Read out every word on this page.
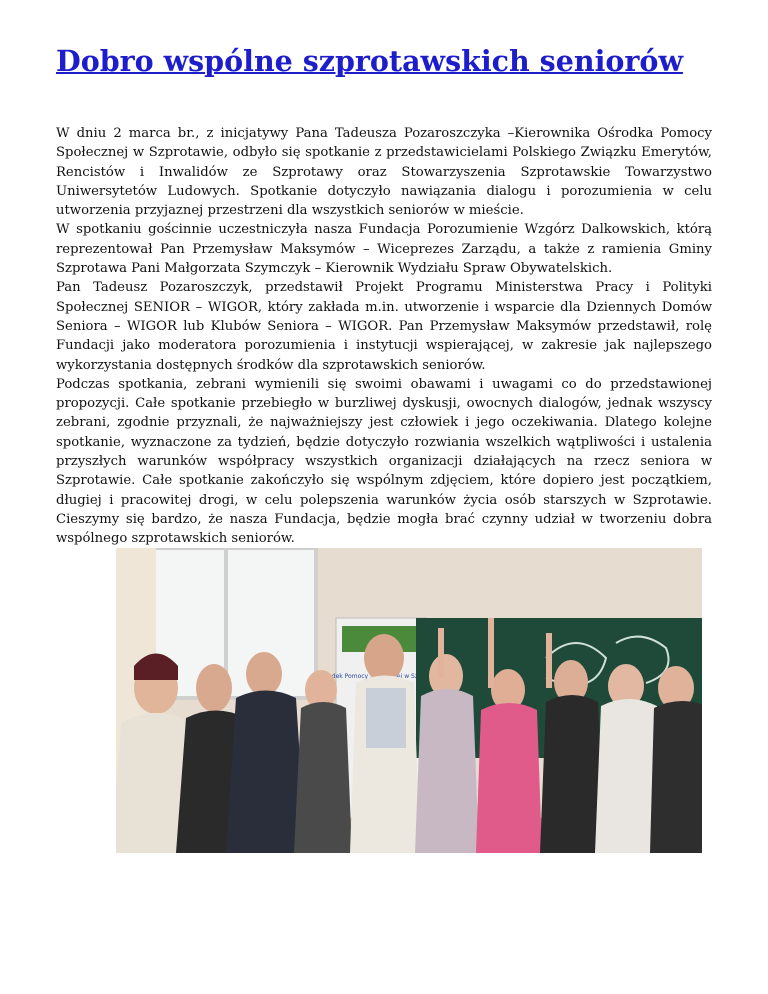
Dobro wspólne szprotawskich seniorów

W dniu 2 marca br., z inicjatywy Pana Tadeusza Pozaroszczyka –Kierownika Ośrodka Pomocy Społecznej w Szprotawie, odbyło się spotkanie z przedstawicielami Polskiego Związku Emerytów, Rencistów i Inwalidów ze Szprotawy oraz Stowarzyszenia Szprotawskie Towarzystwo Uniwersytetów Ludowych. Spotkanie dotyczyło nawiązania dialogu i porozumienia w celu utworzenia przyjaznej przestrzeni dla wszystkich seniorów w mieście.

W spotkaniu gościnnie uczestniczyła nasza Fundacja Porozumienie Wzgórz Dalkowskich, którą reprezentował Pan Przemysław Maksymów – Wiceprezes Zarządu, a także z ramienia Gminy Szprotawa Pani Małgorzata Szymczyk – Kierownik Wydziału Spraw Obywatelskich.

Pan Tadeusz Pozaroszczyk, przedstawił Projekt Programu Ministerstwa Pracy i Polityki Społecznej SENIOR – WIGOR, który zakłada m.in. utworzenie i wsparcie dla Dziennych Domów Seniora – WIGOR lub Klubów Seniora – WIGOR. Pan Przemysław Maksymów przedstawił, rolę Fundacji jako moderatora porozumienia i instytucji wspierającej, w zakresie jak najlepszego wykorzystania dostępnych środków dla szprotawskich seniorów.

Podczas spotkania, zebrani wymienili się swoimi obawami i uwagami co do przedstawionej propozycji. Całe spotkanie przebiegło w burzliwej dyskusji, owocnych dialogów, jednak wszyscy zebrani, zgodnie przyznali, że najważniejszy jest człowiek i jego oczekiwania. Dlatego kolejne spotkanie, wyznaczone za tydzień, będzie dotyczyło rozwiania wszelkich wątpliwości i ustalenia przyszłych warunków współpracy wszystkich organizacji działających na rzecz seniora w Szprotawie. Całe spotkanie zakończyło się wspólnym zdjęciem, które dopiero jest początkiem, długiej i pracowitej drogi, w celu polepszenia warunków życia osób starszych w Szprotawie. Cieszymy się bardzo, że nasza Fundacja, będzie mogła brać czynny udział w tworzeniu dobra wspólnego szprotawskich seniorów.

Pomocy w
